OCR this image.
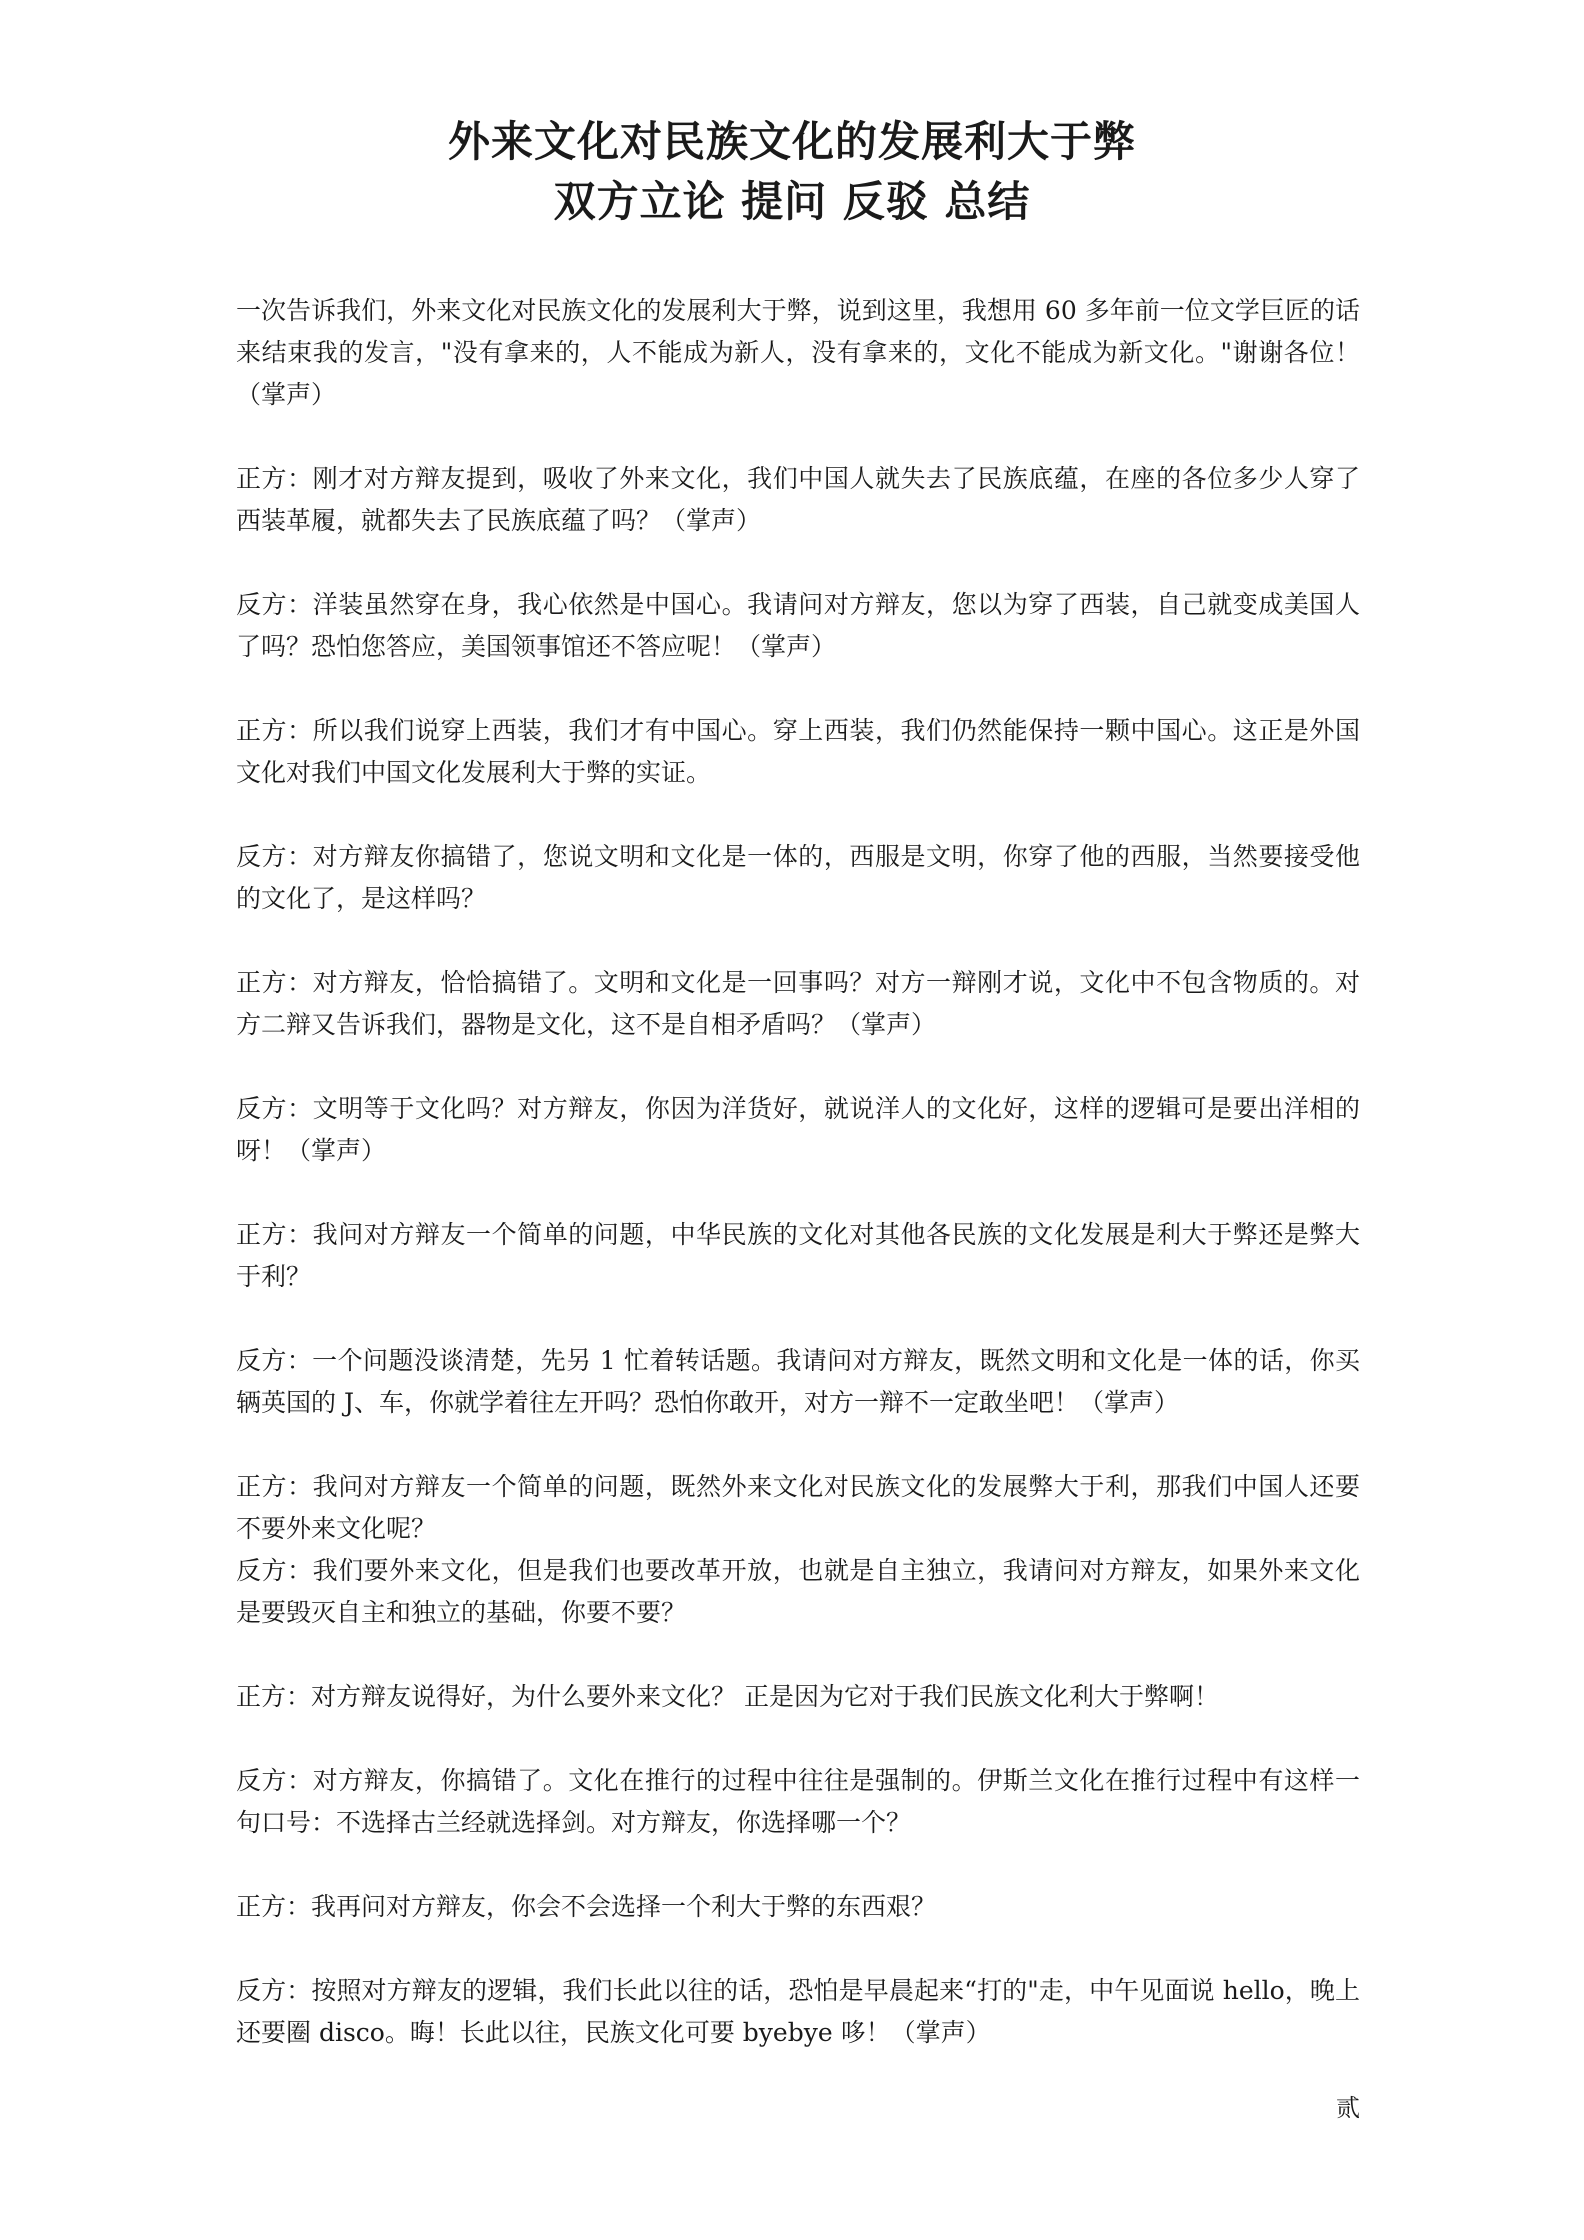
外来文化对民族文化的发展利大于弊

双方立论 提问 反驳 总结

一次告诉我们，外来文化对民族文化的发展利大于弊，说到这里，我想用 60 多年前一位文学巨匠的话来结束我的发言，"没有拿来的，人不能成为新人，没有拿来的，文化不能成为新文化。"谢谢各位！（掌声）

正方：刚才对方辩友提到，吸收了外来文化，我们中国人就失去了民族底蕴，在座的各位多少人穿了西装革履，就都失去了民族底蕴了吗？（掌声）

反方：洋装虽然穿在身，我心依然是中国心。我请问对方辩友，您以为穿了西装，自己就变成美国人了吗？恐怕您答应，美国领事馆还不答应呢！（掌声）

正方：所以我们说穿上西装，我们才有中国心。穿上西装，我们仍然能保持一颗中国心。这正是外国文化对我们中国文化发展利大于弊的实证。

反方：对方辩友你搞错了，您说文明和文化是一体的，西服是文明，你穿了他的西服，当然要接受他的文化了，是这样吗？

正方：对方辩友，恰恰搞错了。文明和文化是一回事吗？对方一辩刚才说，文化中不包含物质的。对方二辩又告诉我们，器物是文化，这不是自相矛盾吗？（掌声）

反方：文明等于文化吗？对方辩友，你因为洋货好，就说洋人的文化好，这样的逻辑可是要出洋相的呀！（掌声）

正方：我问对方辩友一个简单的问题，中华民族的文化对其他各民族的文化发展是利大于弊还是弊大于利？

反方：一个问题没谈清楚，先另 1 忙着转话题。我请问对方辩友，既然文明和文化是一体的话，你买辆英国的 J、车，你就学着往左开吗？恐怕你敢开，对方一辩不一定敢坐吧！（掌声）

正方：我问对方辩友一个简单的问题，既然外来文化对民族文化的发展弊大于利，那我们中国人还要不要外来文化呢？

反方：我们要外来文化，但是我们也要改革开放，也就是自主独立，我请问对方辩友，如果外来文化是要毁灭自主和独立的基础，你要不要？

正方：对方辩友说得好，为什么要外来文化？ 正是因为它对于我们民族文化利大于弊啊！

反方：对方辩友，你搞错了。文化在推行的过程中往往是强制的。伊斯兰文化在推行过程中有这样一句口号：不选择古兰经就选择剑。对方辩友，你选择哪一个？

正方：我再问对方辩友，你会不会选择一个利大于弊的东西艰？

反方：按照对方辩友的逻辑，我们长此以往的话，恐怕是早晨起来“打的"走，中午见面说 hello，晚上还要圈 disco。晦！长此以往，民族文化可要 byebye 哆！（掌声）

贰
